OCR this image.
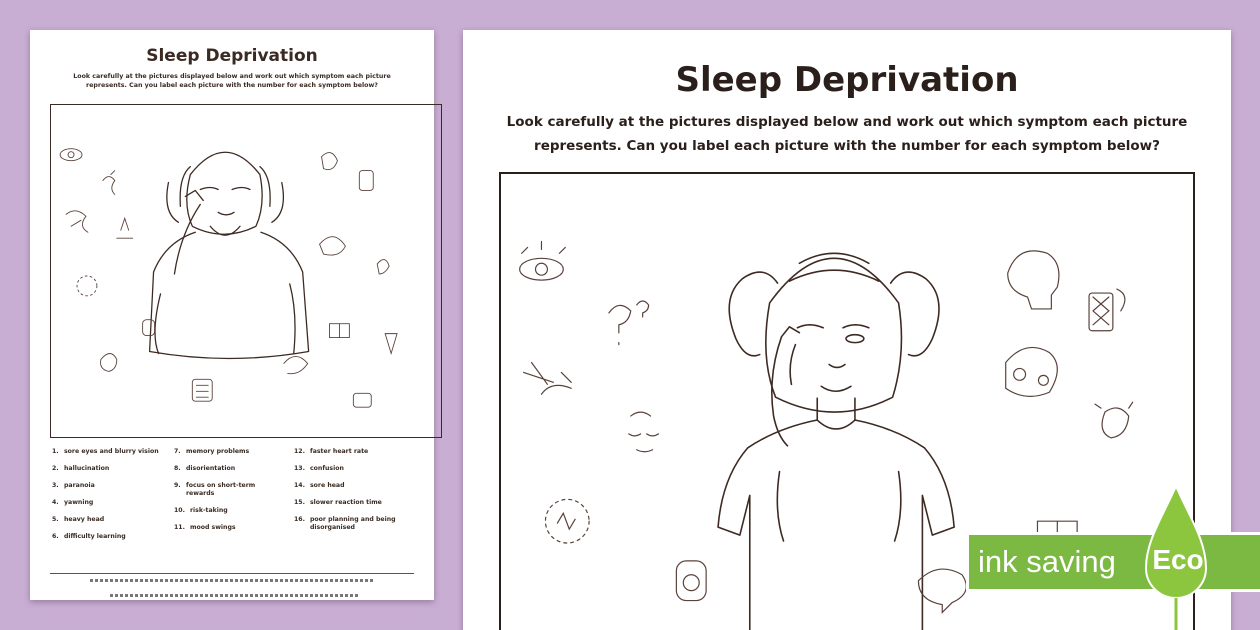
Sleep Deprivation
Look carefully at the pictures displayed below and work out which symptom each picture represents. Can you label each picture with the number for each symptom below?
1. sore eyes and blurry vision
2. hallucination
3. paranoia
4. yawning
5. heavy head
6. difficulty learning
7. memory problems
8. disorientation
9. focus on short-term rewards
10. risk-taking
11. mood swings
12. faster heart rate
13. confusion
14. sore head
15. slower reaction time
16. poor planning and being disorganised
Sleep Deprivation
Look carefully at the pictures displayed below and work out which symptom each picture represents. Can you label each picture with the number for each symptom below?
ink saving Eco
